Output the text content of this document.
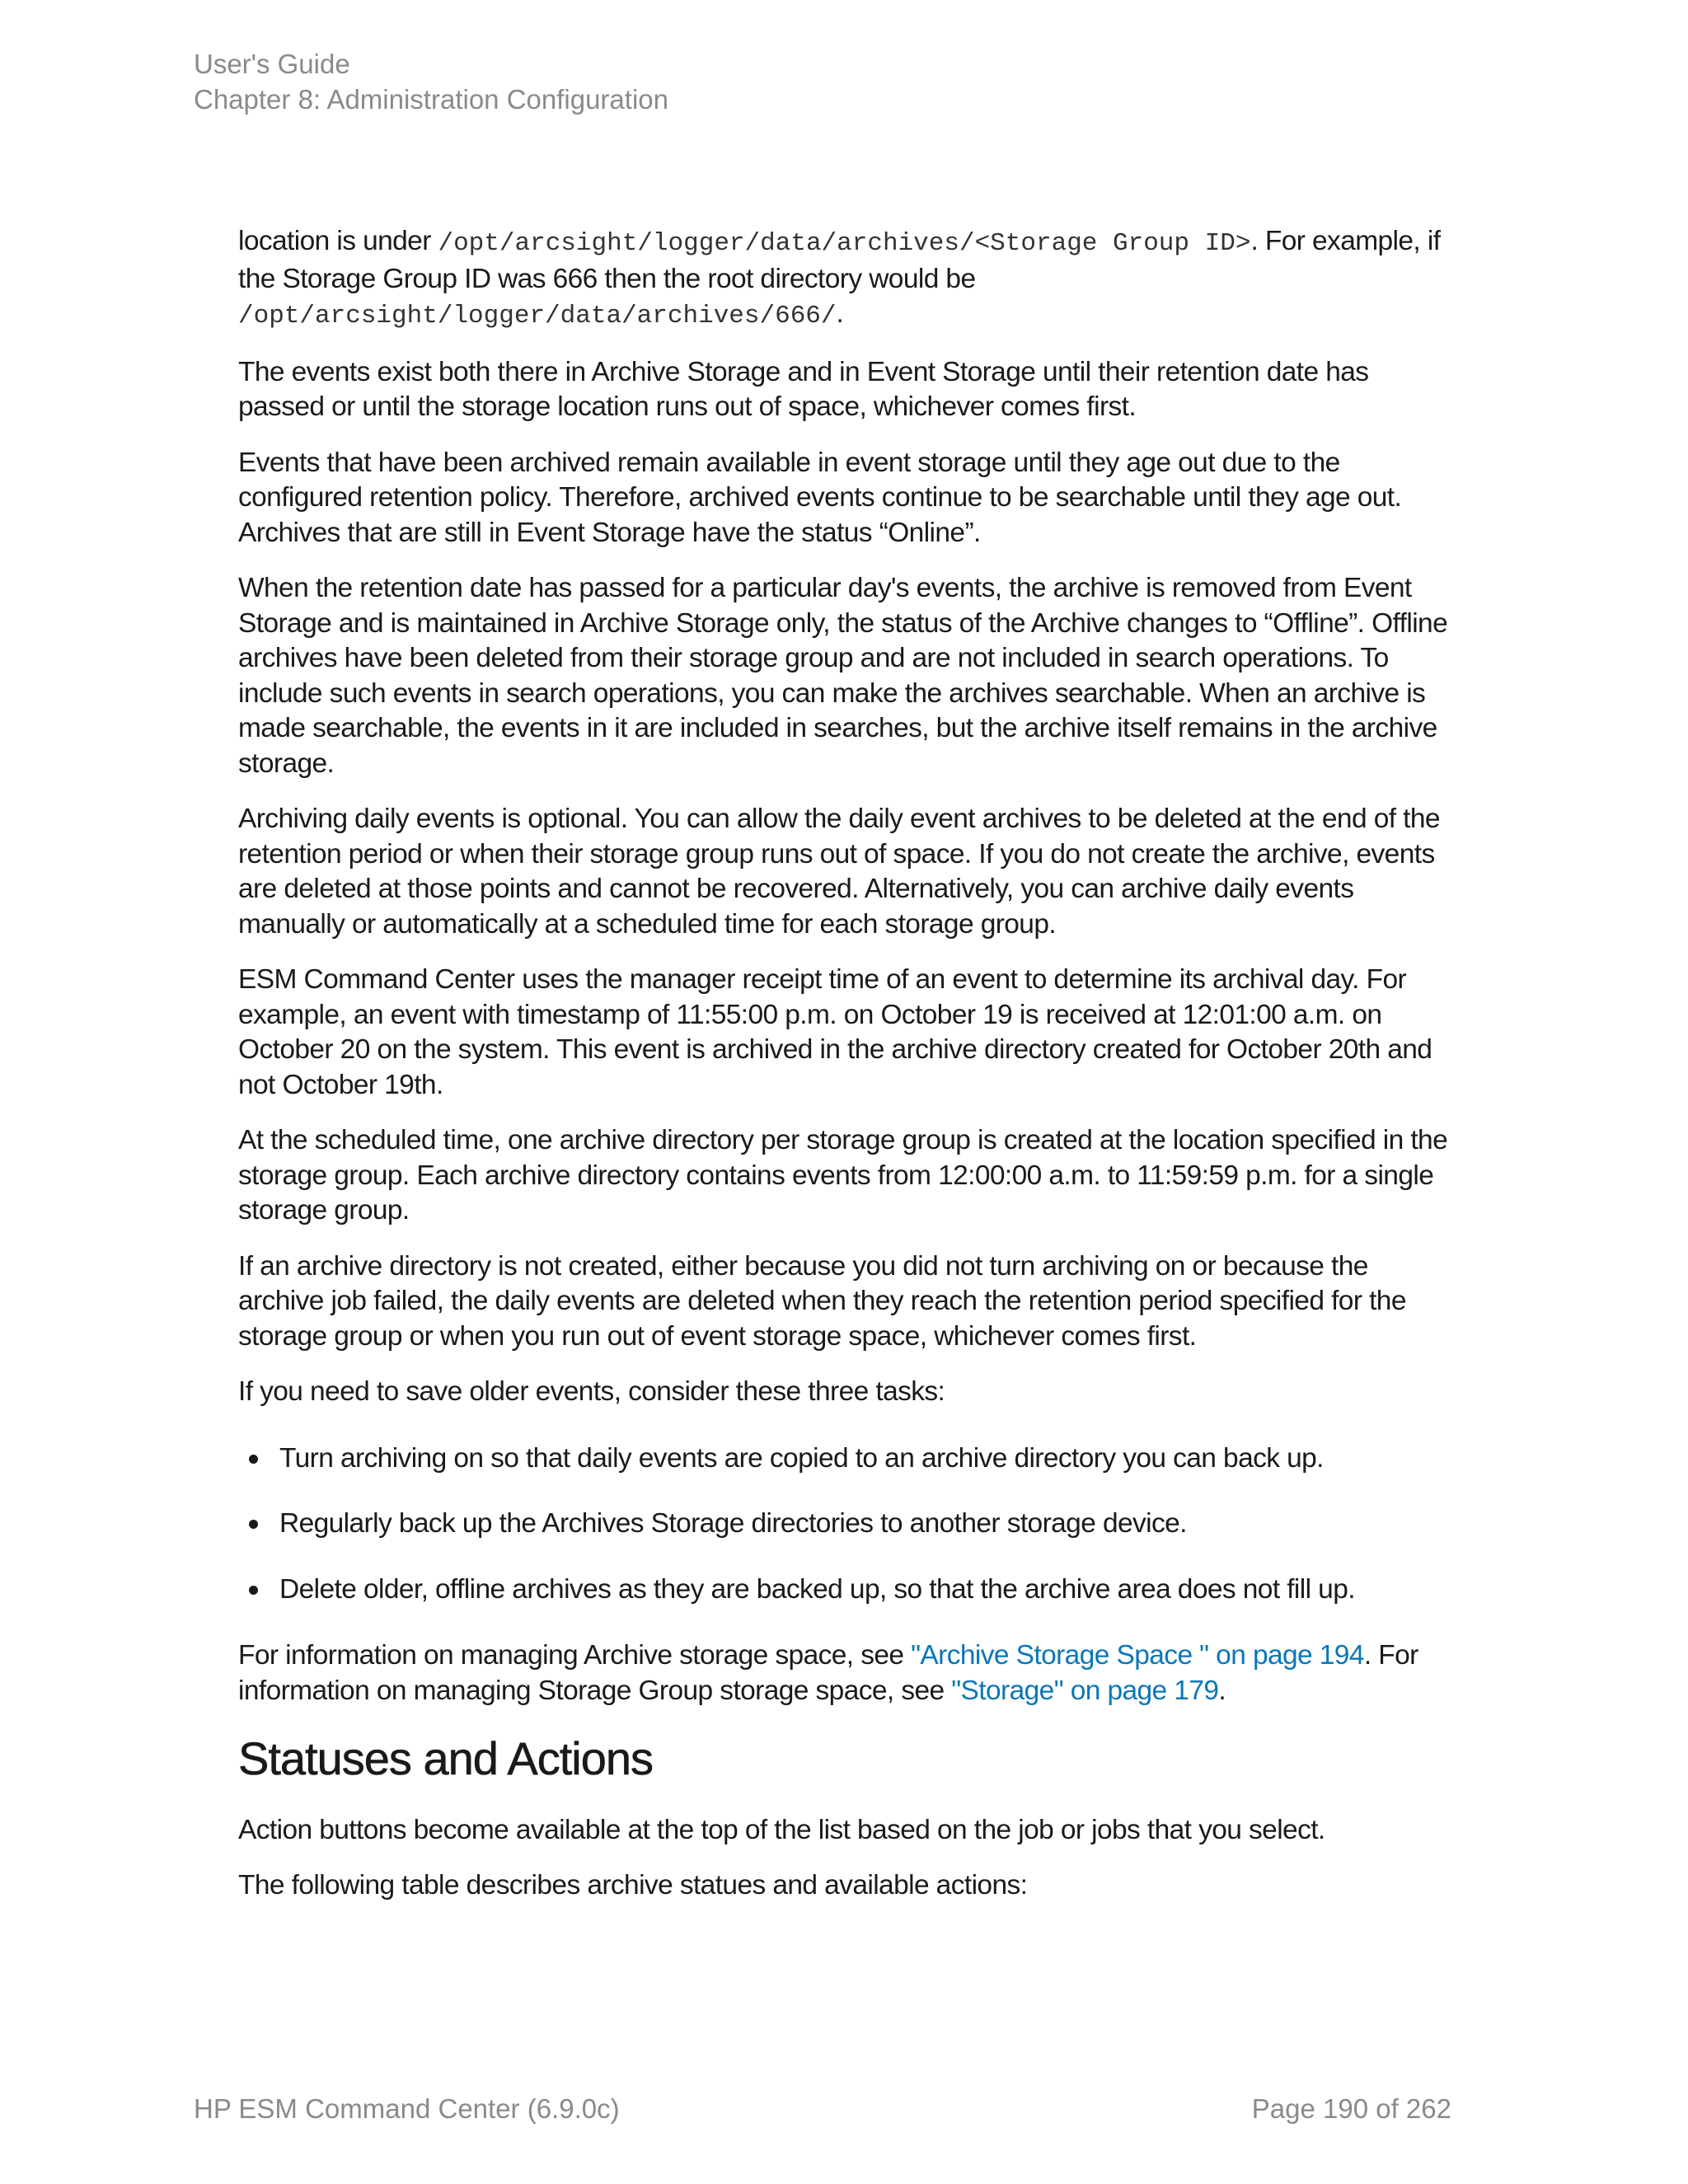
User's Guide
Chapter 8: Administration Configuration

location is under /opt/arcsight/logger/data/archives/<Storage Group ID>. For example, if the Storage Group ID was 666 then the root directory would be /opt/arcsight/logger/data/archives/666/.

The events exist both there in Archive Storage and in Event Storage until their retention date has passed or until the storage location runs out of space, whichever comes first.

Events that have been archived remain available in event storage until they age out due to the configured retention policy. Therefore, archived events continue to be searchable until they age out. Archives that are still in Event Storage have the status “Online”.

When the retention date has passed for a particular day's events, the archive is removed from Event Storage and is maintained in Archive Storage only, the status of the Archive changes to “Offline”. Offline archives have been deleted from their storage group and are not included in search operations. To include such events in search operations, you can make the archives searchable. When an archive is made searchable, the events in it are included in searches, but the archive itself remains in the archive storage.

Archiving daily events is optional. You can allow the daily event archives to be deleted at the end of the retention period or when their storage group runs out of space. If you do not create the archive, events are deleted at those points and cannot be recovered. Alternatively, you can archive daily events manually or automatically at a scheduled time for each storage group.

ESM Command Center uses the manager receipt time of an event to determine its archival day. For example, an event with timestamp of 11:55:00 p.m. on October 19 is received at 12:01:00 a.m. on October 20 on the system. This event is archived in the archive directory created for October 20th and not October 19th.

At the scheduled time, one archive directory per storage group is created at the location specified in the storage group. Each archive directory contains events from 12:00:00 a.m. to 11:59:59 p.m. for a single storage group.

If an archive directory is not created, either because you did not turn archiving on or because the archive job failed, the daily events are deleted when they reach the retention period specified for the storage group or when you run out of event storage space, whichever comes first.

If you need to save older events, consider these three tasks:

Turn archiving on so that daily events are copied to an archive directory you can back up.
Regularly back up the Archives Storage directories to another storage device.
Delete older, offline archives as they are backed up, so that the archive area does not fill up.

For information on managing Archive storage space, see "Archive Storage Space " on page 194. For information on managing Storage Group storage space, see "Storage" on page 179.

Statuses and Actions

Action buttons become available at the top of the list based on the job or jobs that you select.

The following table describes archive statues and available actions:

HP ESM Command Center (6.9.0c)	Page 190 of 262
